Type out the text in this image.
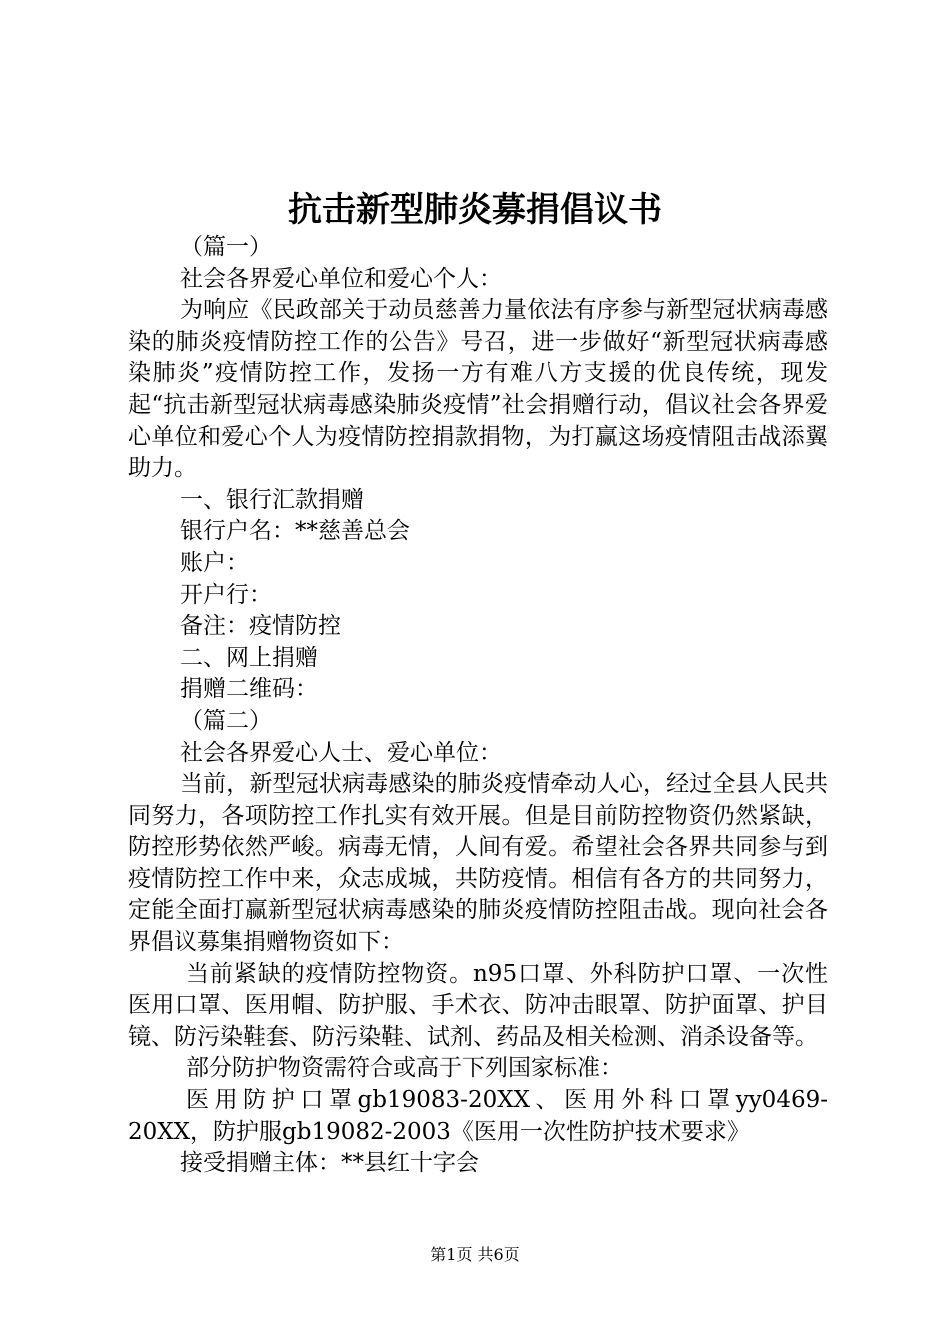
抗击新型肺炎募捐倡议书

（篇一）

社会各界爱心单位和爱心个人：

为响应《民政部关于动员慈善力量依法有序参与新型冠状病毒感染的肺炎疫情防控工作的公告》号召，进一步做好“新型冠状病毒感染肺炎”疫情防控工作，发扬一方有难八方支援的优良传统，现发起“抗击新型冠状病毒感染肺炎疫情”社会捐赠行动，倡议社会各界爱心单位和爱心个人为疫情防控捐款捐物，为打赢这场疫情阻击战添翼助力。

一、银行汇款捐赠

银行户名：**慈善总会

账户：

开户行：

备注：疫情防控

二、网上捐赠

捐赠二维码：

（篇二）

社会各界爱心人士、爱心单位：

当前，新型冠状病毒感染的肺炎疫情牵动人心，经过全县人民共同努力，各项防控工作扎实有效开展。但是目前防控物资仍然紧缺，防控形势依然严峻。病毒无情，人间有爱。希望社会各界共同参与到疫情防控工作中来，众志成城，共防疫情。相信有各方的共同努力，定能全面打赢新型冠状病毒感染的肺炎疫情防控阻击战。现向社会各界倡议募集捐赠物资如下：

当前紧缺的疫情防控物资。n95口罩、外科防护口罩、一次性医用口罩、医用帽、防护服、手术衣、防冲击眼罩、防护面罩、护目镜、防污染鞋套、防污染鞋、试剂、药品及相关检测、消杀设备等。

部分防护物资需符合或高于下列国家标准：

医用防护口罩gb19083-20XX、医用外科口罩yy0469-20XX，防护服gb19082-2003《医用一次性防护技术要求》

接受捐赠主体：**县红十字会

第1页 共6页
